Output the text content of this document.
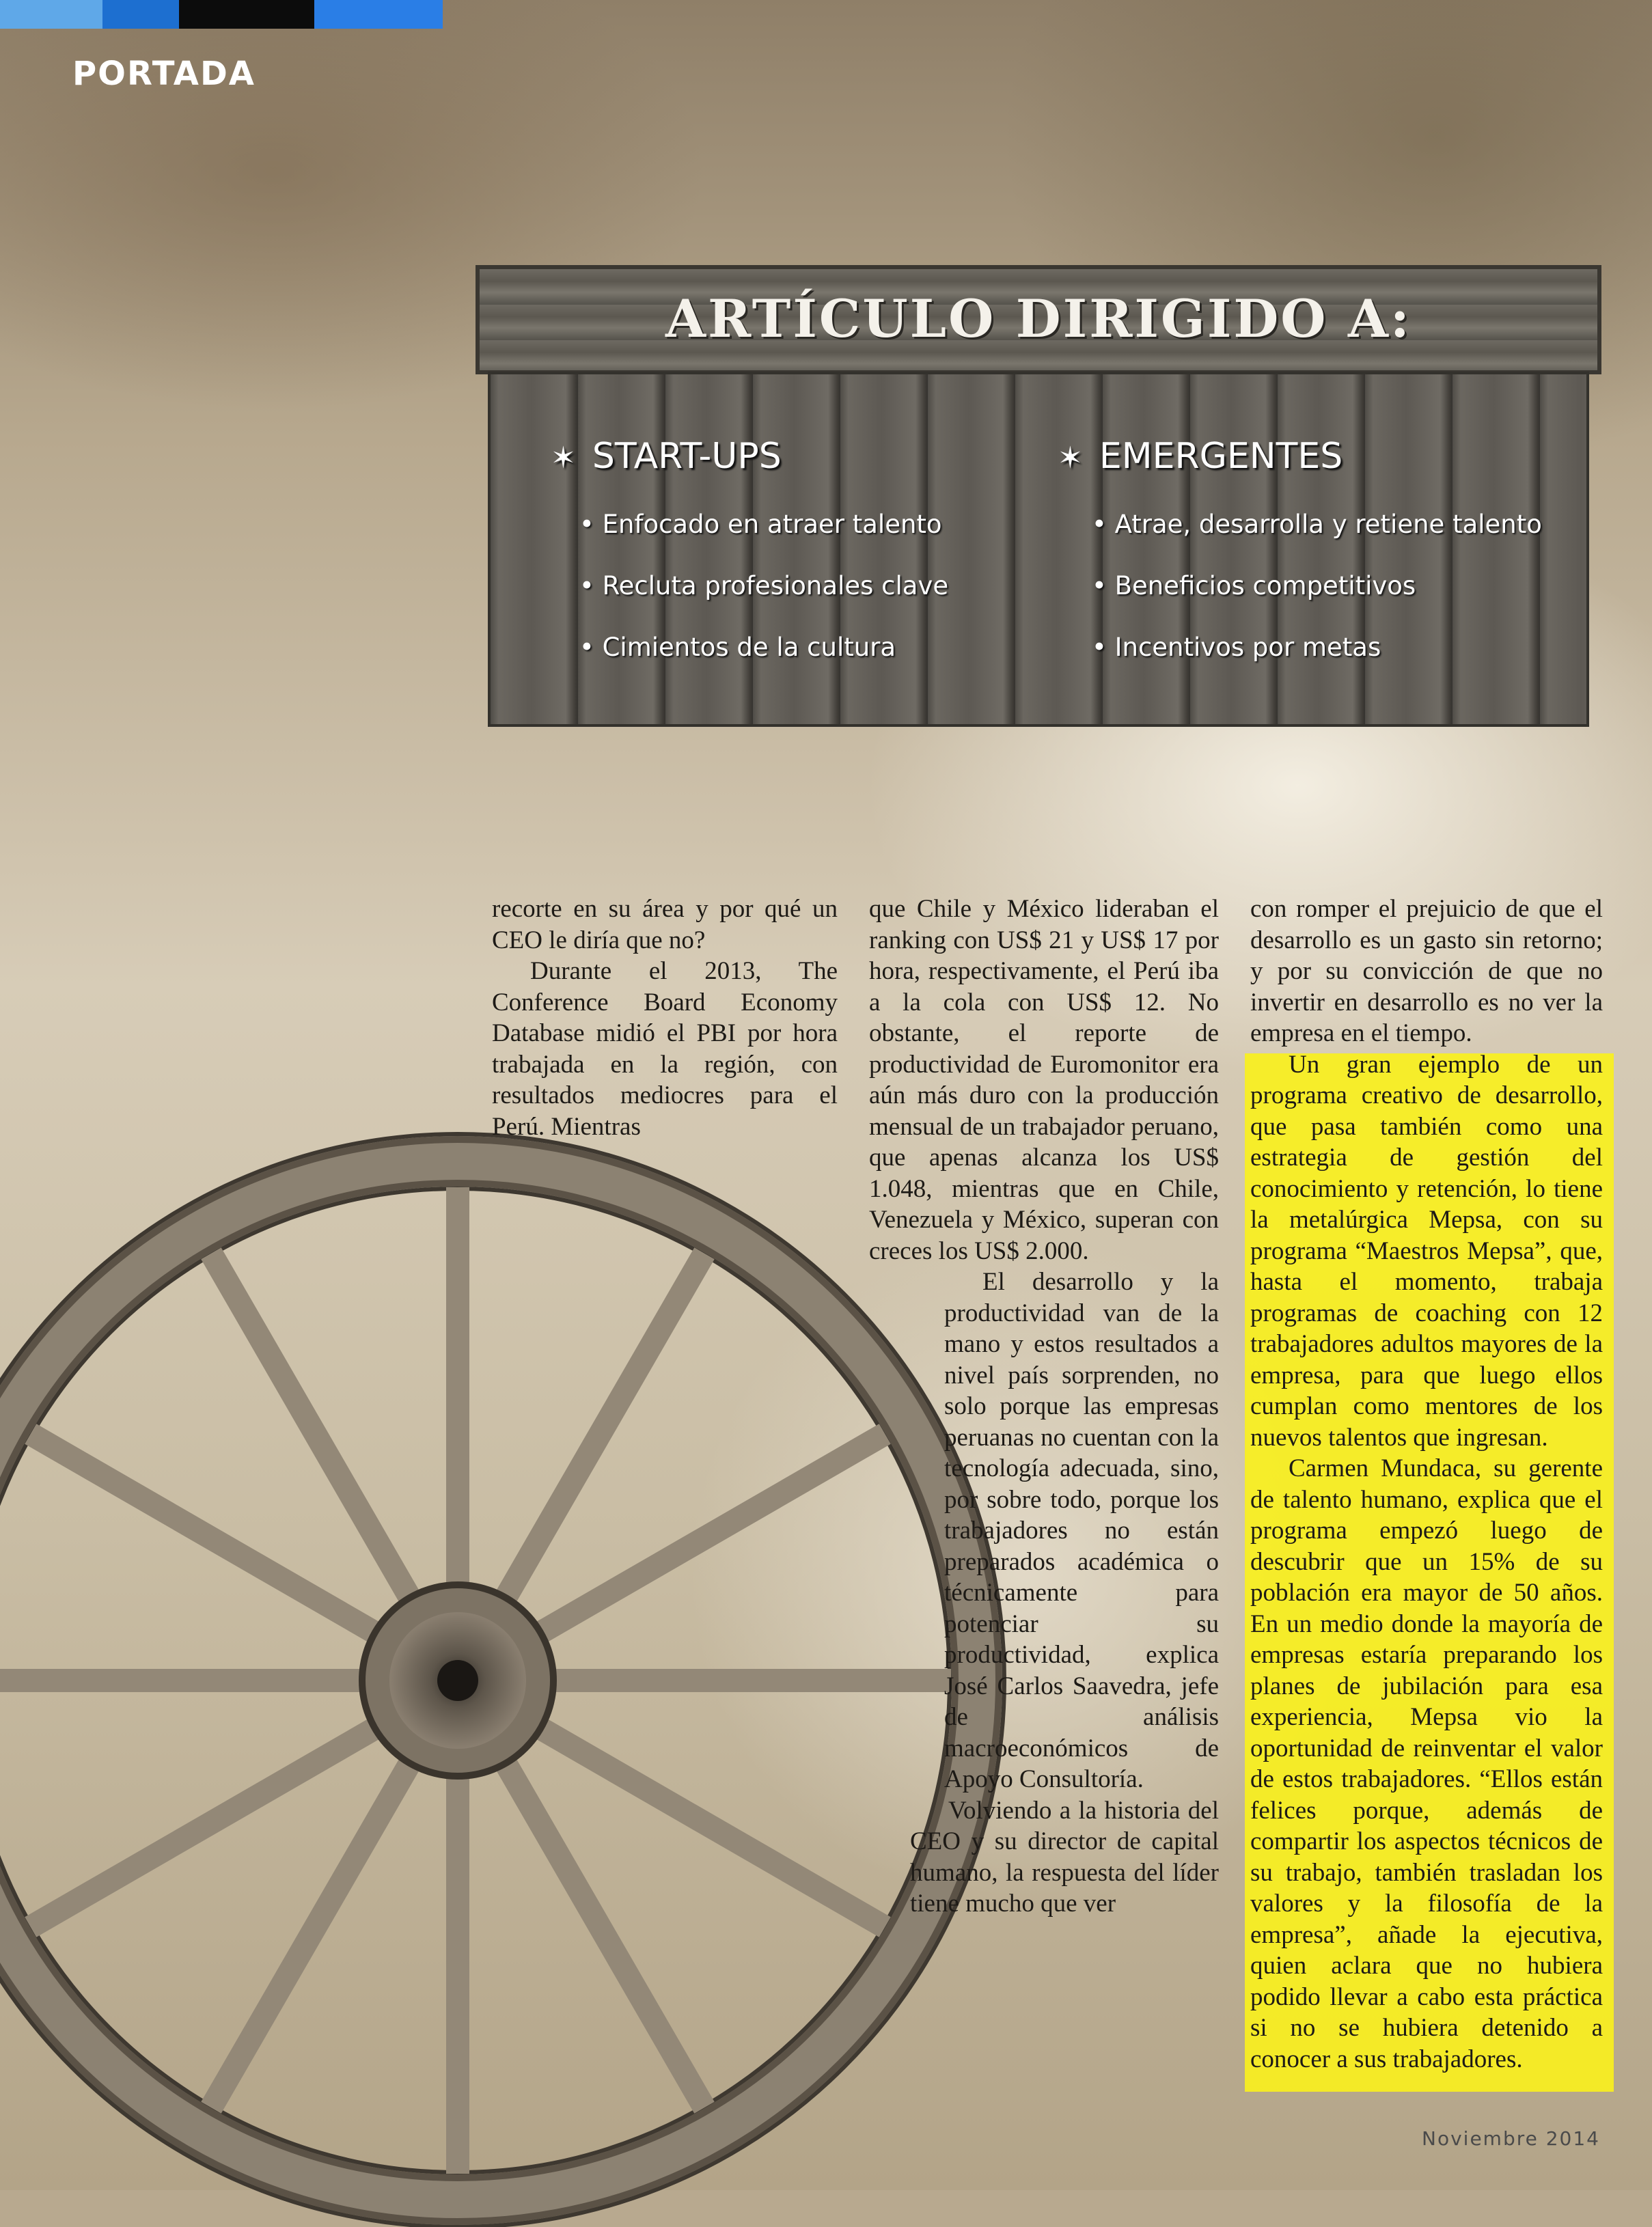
PORTADA
ARTÍCULO DIRIGIDO A:
✶ START-UPS
• Enfocado en atraer talento
• Recluta profesionales clave
• Cimientos de la cultura
✶ EMERGENTES
• Atrae, desarrolla y retiene talento
• Beneficios competitivos
• Incentivos por metas

recorte en su área y por qué un CEO le diría que no?

Durante el 2013, The Conference Board Economy Database midió el PBI por hora trabajada en la región, con resultados mediocres para el Perú. Mientras

que Chile y México lideraban el ranking con US$ 21 y US$ 17 por hora, respectivamente, el Perú iba a la cola con US$ 12. No obstante, el reporte de productividad de Euromonitor era aún más duro con la producción mensual de un trabajador peruano, que apenas alcanza los US$ 1.048, mientras que en Chile, Venezuela y México, superan con creces los US$ 2.000.

El desarrollo y la productividad van de la mano y estos resultados a nivel país sorprenden, no solo porque las empresas peruanas no cuentan con la tecnología adecuada, sino, por sobre todo, porque los trabajadores no están preparados académica o técnicamente para potenciar su productividad, explica José Carlos Saavedra, jefe de análisis macroeconómicos de Apoyo Consultoría.

Volviendo a la historia del CEO y su director de capital humano, la respuesta del líder tiene mucho que ver

con romper el prejuicio de que el desarrollo es un gasto sin retorno; y por su convicción de que no invertir en desarrollo es no ver la empresa en el tiempo.

Un gran ejemplo de un programa creativo de desarrollo, que pasa también como una estrategia de gestión del conocimiento y retención, lo tiene la metalúrgica Mepsa, con su programa “Maestros Mepsa”, que, hasta el momento, trabaja programas de coaching con 12 trabajadores adultos mayores de la empresa, para que luego ellos cumplan como mentores de los nuevos talentos que ingresan.

Carmen Mundaca, su gerente de talento humano, explica que el programa empezó luego de descubrir que un 15% de su población era mayor de 50 años. En un medio donde la mayoría de empresas estaría preparando los planes de jubilación para esa experiencia, Mepsa vio la oportunidad de reinventar el valor de estos trabajadores. “Ellos están felices porque, además de compartir los aspectos técnicos de su trabajo, también trasladan los valores y la filosofía de la empresa”, añade la ejecutiva, quien aclara que no hubiera podido llevar a cabo esta práctica si no se hubiera detenido a conocer a sus trabajadores.

Noviembre 2014
